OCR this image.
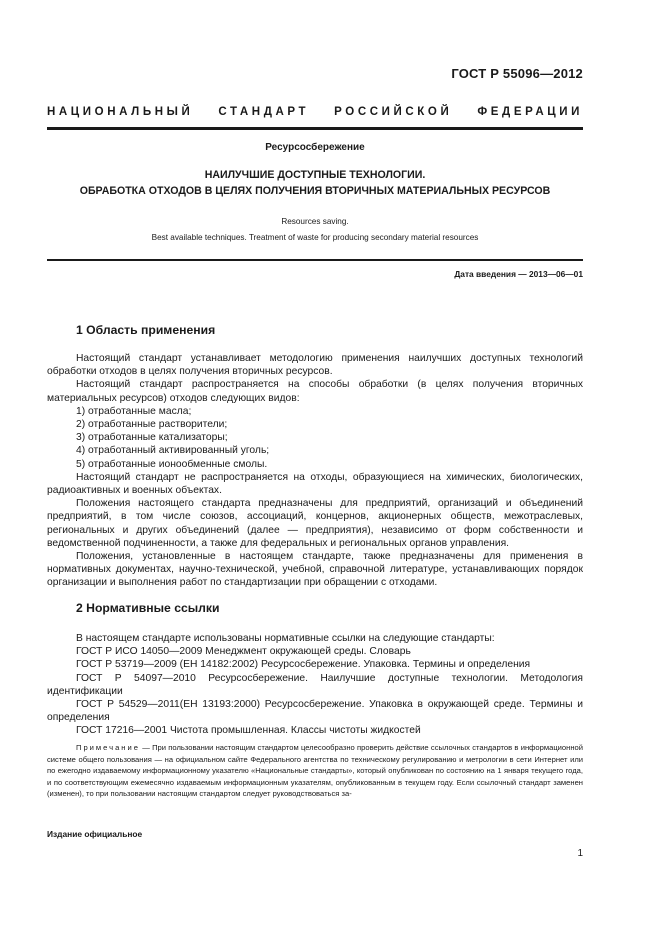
ГОСТ Р 55096—2012
НАЦИОНАЛЬНЫЙ СТАНДАРТ РОССИЙСКОЙ ФЕДЕРАЦИИ
Ресурсосбережение
НАИЛУЧШИЕ ДОСТУПНЫЕ ТЕХНОЛОГИИ.
ОБРАБОТКА ОТХОДОВ В ЦЕЛЯХ ПОЛУЧЕНИЯ ВТОРИЧНЫХ МАТЕРИАЛЬНЫХ РЕСУРСОВ
Resources saving.
Best available techniques. Treatment of waste for producing secondary material resources
Дата введения — 2013—06—01
1 Область применения

Настоящий стандарт устанавливает методологию применения наилучших доступных технологий обработки отходов в целях получения вторичных ресурсов.

Настоящий стандарт распространяется на способы обработки (в целях получения вторичных материальных ресурсов) отходов следующих видов:

1) отработанные масла;

2) отработанные растворители;

3) отработанные катализаторы;

4) отработанный активированный уголь;

5) отработанные ионообменные смолы.

Настоящий стандарт не распространяется на отходы, образующиеся на химических, биологических, радиоактивных и военных объектах.

Положения настоящего стандарта предназначены для предприятий, организаций и объединений предприятий, в том числе союзов, ассоциаций, концернов, акционерных обществ, межотраслевых, региональных и других объединений (далее — предприятия), независимо от форм собственности и ведомственной подчиненности, а также для федеральных и региональных органов управления.

Положения, установленные в настоящем стандарте, также предназначены для применения в нормативных документах, научно-технической, учебной, справочной литературе, устанавливающих порядок организации и выполнения работ по стандартизации при обращении с отходами.

2 Нормативные ссылки

В настоящем стандарте использованы нормативные ссылки на следующие стандарты:

ГОСТ Р ИСО 14050—2009 Менеджмент окружающей среды. Словарь

ГОСТ Р 53719—2009 (ЕН 14182:2002) Ресурсосбережение. Упаковка. Термины и определения

ГОСТ Р 54097—2010 Ресурсосбережение. Наилучшие доступные технологии. Методология идентификации

ГОСТ Р 54529—2011(ЕН 13193:2000) Ресурсосбережение. Упаковка в окружающей среде. Термины и определения

ГОСТ 17216—2001 Чистота промышленная. Классы чистоты жидкостей

Примечание — При пользовании настоящим стандартом целесообразно проверить действие ссылочных стандартов в информационной системе общего пользования — на официальном сайте Федерального агентства по техническому регулированию и метрологии в сети Интернет или по ежегодно издаваемому информационному указателю «Национальные стандарты», который опубликован по состоянию на 1 января текущего года, и по соответствующим ежемесячно издаваемым информационным указателям, опубликованным в текущем году. Если ссылочный стандарт заменен (изменен), то при пользовании настоящим стандартом следует руководствоваться за-
Издание официальное
1
